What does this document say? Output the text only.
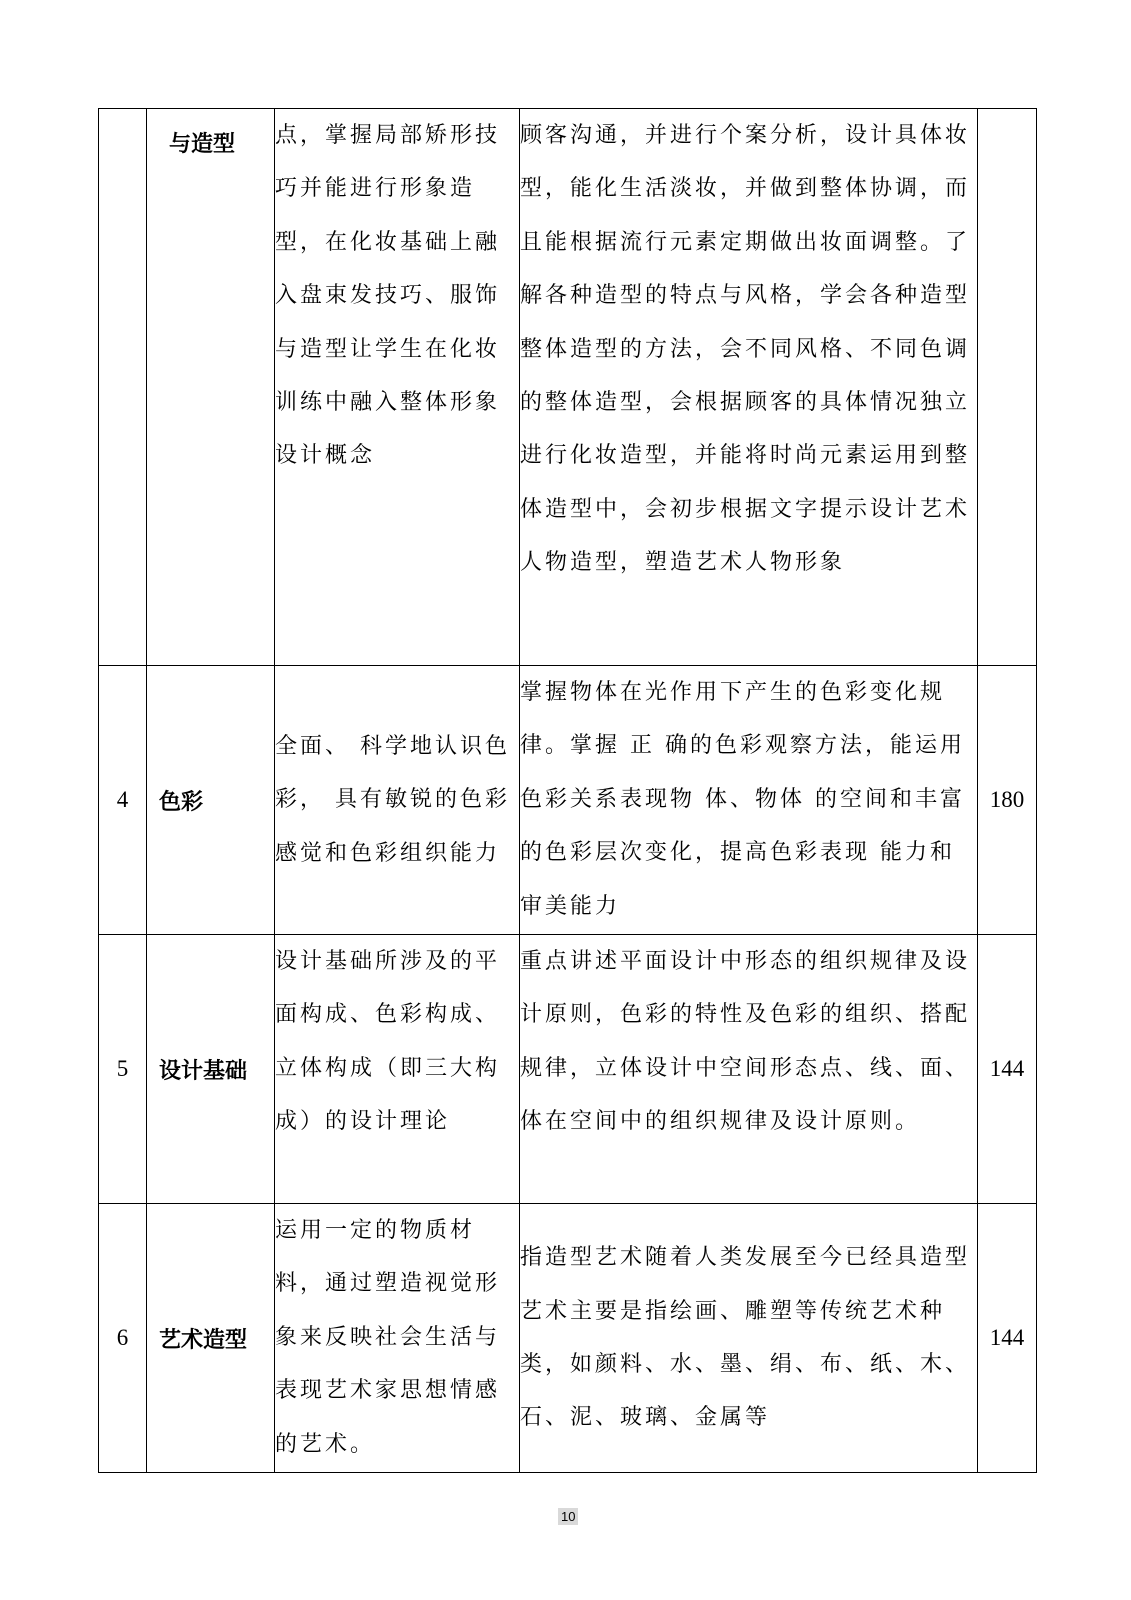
	与造型	点，掌握局部矫形技巧并能进行形象造型，在化妆基础上融入盘束发技巧、服饰与造型让学生在化妆训练中融入整体形象设计概念	顾客沟通，并进行个案分析，设计具体妆型，能化生活淡妆，并做到整体协调，而且能根据流行元素定期做出妆面调整。了解各种造型的特点与风格，学会各种造型整体造型的方法，会不同风格、不同色调的整体造型，会根据顾客的具体情况独立进行化妆造型，并能将时尚元素运用到整体造型中，会初步根据文字提示设计艺术人物造型，塑造艺术人物形象	
4	色彩	全面、 科学地认识色彩， 具有敏锐的色彩感觉和色彩组织能力	掌握物体在光作用下产生的色彩变化规律。掌握 正 确的色彩观察方法，能运用色彩关系表现物 体、物体 的空间和丰富的色彩层次变化，提高色彩表现 能力和审美能力	180
5	设计基础	设计基础所涉及的平面构成、色彩构成、立体构成（即三大构成）的设计理论	重点讲述平面设计中形态的组织规律及设计原则，色彩的特性及色彩的组织、搭配规律，立体设计中空间形态点、线、面、体在空间中的组织规律及设计原则。	144
6	艺术造型	运用一定的物质材料，通过塑造视觉形象来反映社会生活与表现艺术家思想情感的艺术。	指造型艺术随着人类发展至今已经具造型艺术主要是指绘画、雕塑等传统艺术种类，如颜料、水、墨、绢、布、纸、木、石、泥、玻璃、金属等	144
10
